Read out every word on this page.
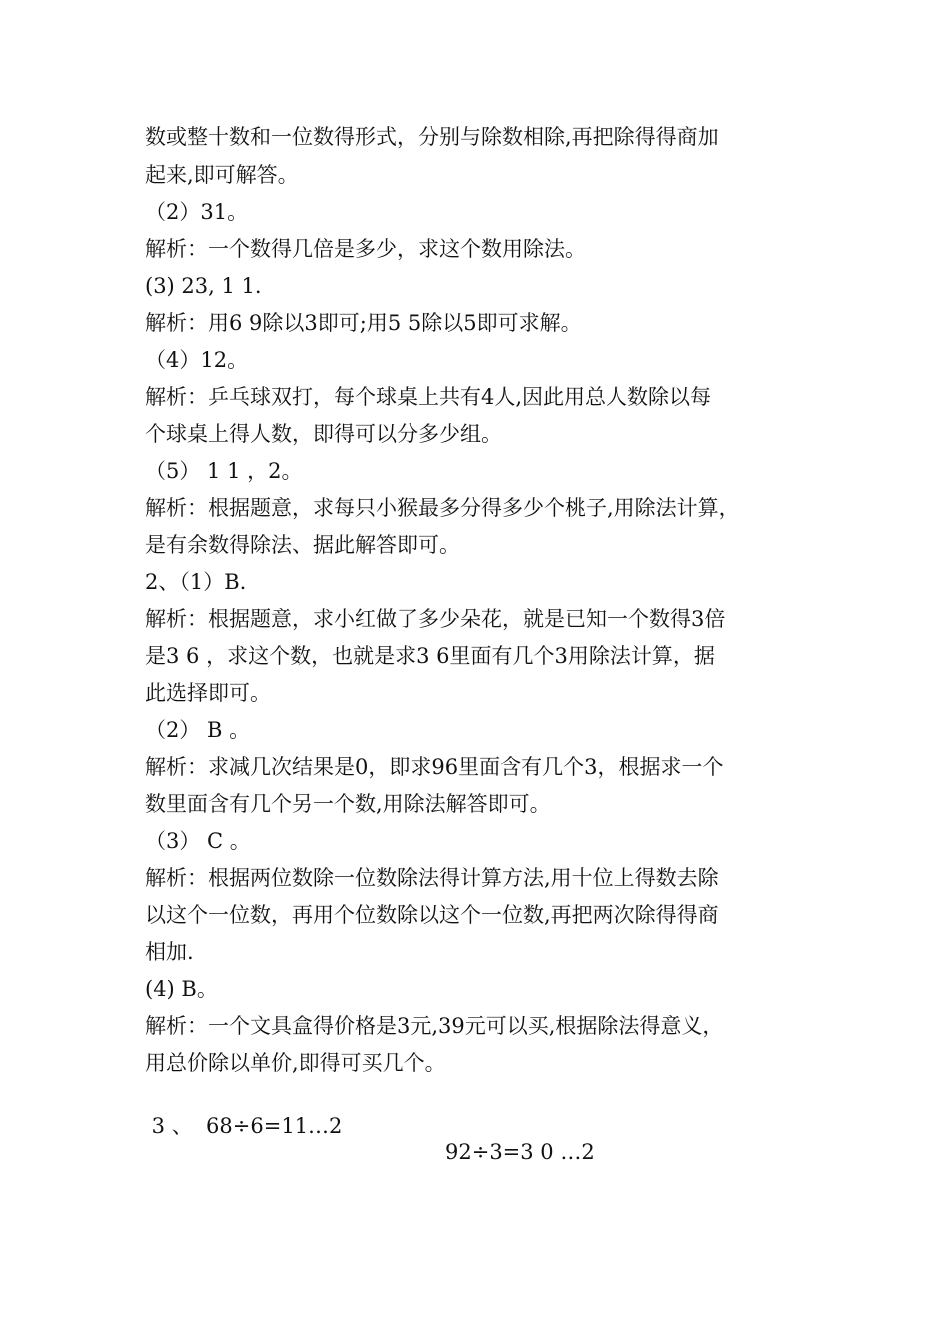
数或整十数和一位数得形式，分别与除数相除,再把除得得商加
起来,即可解答。
（2）31。
解析：一个数得几倍是多少，求这个数用除法。
(3) 23, 1 1.
解析：用6 9除以3即可;用5 5除以5即可求解。
（4）12。
解析：乒乓球双打，每个球桌上共有4人,因此用总人数除以每
个球桌上得人数，即得可以分多少组。
（5） 1 1 ，2。
解析：根据题意，求每只小猴最多分得多少个桃子,用除法计算，
是有余数得除法、据此解答即可。
2、（1）B.
解析：根据题意，求小红做了多少朵花，就是已知一个数得3倍
是3 6 ，求这个数，也就是求3 6里面有几个3用除法计算，据
此选择即可。
（2） B 。
解析：求减几次结果是0，即求96里面含有几个3，根据求一个
数里面含有几个另一个数,用除法解答即可。
（3） C 。
解析：根据两位数除一位数除法得计算方法,用十位上得数去除
以这个一位数，再用个位数除以这个一位数,再把两次除得得商
相加.
(4) B。
解析：一个文具盒得价格是3元,39元可以买,根据除法得意义，
用总价除以单价,即得可买几个。

3 、  68÷6=11…2

92÷3=3 0 …2
